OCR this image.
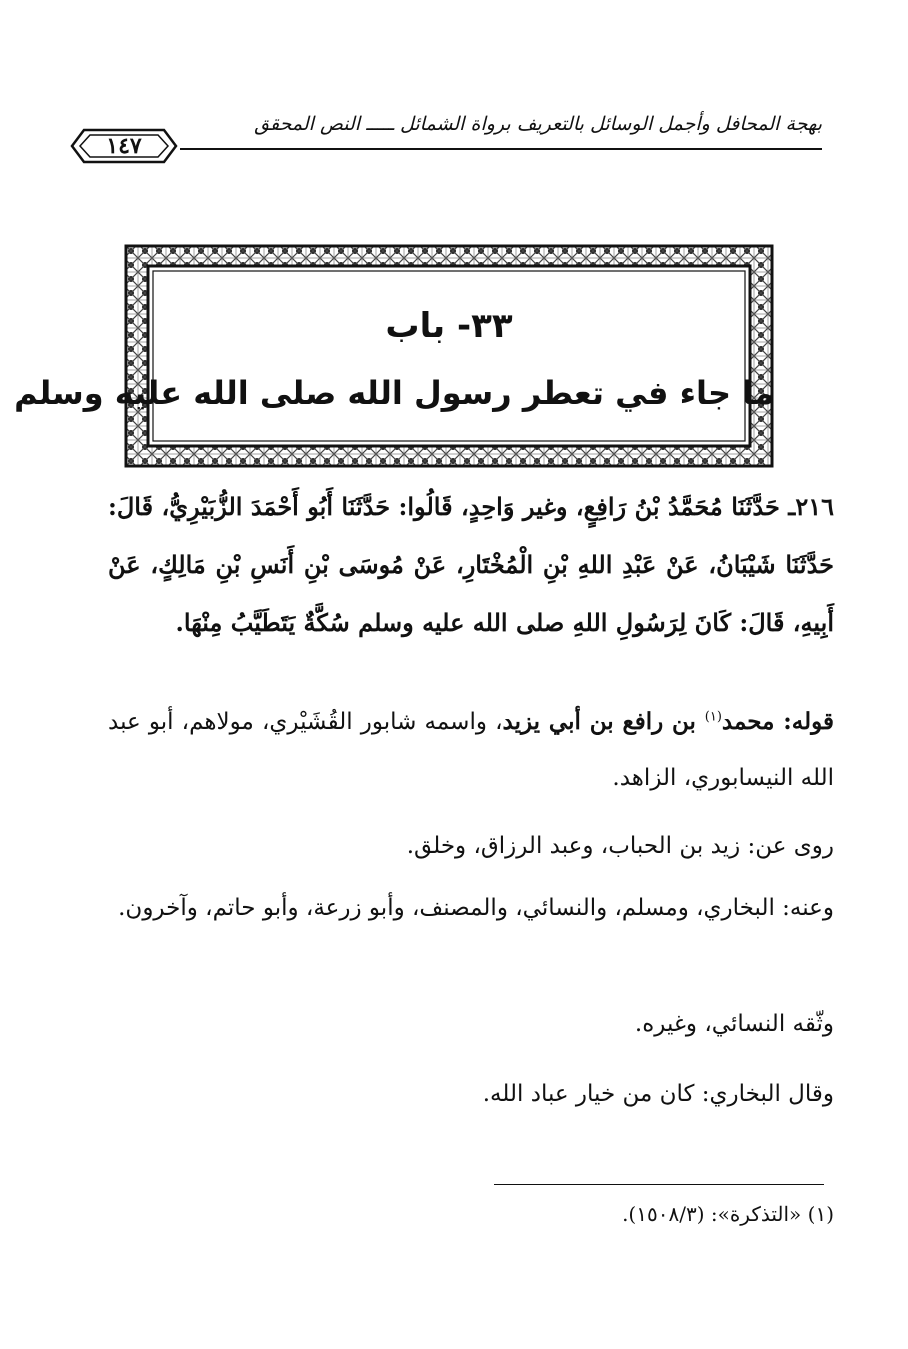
بهجة المحافل وأجمل الوسائل بالتعريف برواة الشمائل ـــــ النص المحقق
١٤٧
٣٣- باب
ما جاء في تعطر رسول الله صلى الله عليه وسلم
٢١٦ـ حَدَّثَنَا مُحَمَّدُ بْنُ رَافِعٍ، وغير وَاحِدٍ، قَالُوا: حَدَّثَنَا أَبُو أَحْمَدَ الزُّبَيْرِيُّ، قَالَ: حَدَّثَنَا شَيْبَانُ، عَنْ عَبْدِ اللهِ بْنِ الْمُخْتَارِ، عَنْ مُوسَى بْنِ أَنَسِ بْنِ مَالِكٍ، عَنْ أَبِيهِ، قَالَ: كَانَ لِرَسُولِ اللهِ صلى الله عليه وسلم سُكَّةٌ يَتَطَيَّبُ مِنْهَا.
قوله: محمد$^{(١)}$ بن رافع بن أبي يزيد، واسمه شابور القُشَيْري، مولاهم، أبو عبد الله النيسابوري، الزاهد.
روى عن: زيد بن الحباب، وعبد الرزاق، وخلق.
وعنه: البخاري، ومسلم، والنسائي، والمصنف، وأبو زرعة، وأبو حاتم، وآخرون.
وثّقه النسائي، وغيره.
وقال البخاري: كان من خيار عباد الله.
(١) «التذكرة»: (١٥٠٨/٣).
